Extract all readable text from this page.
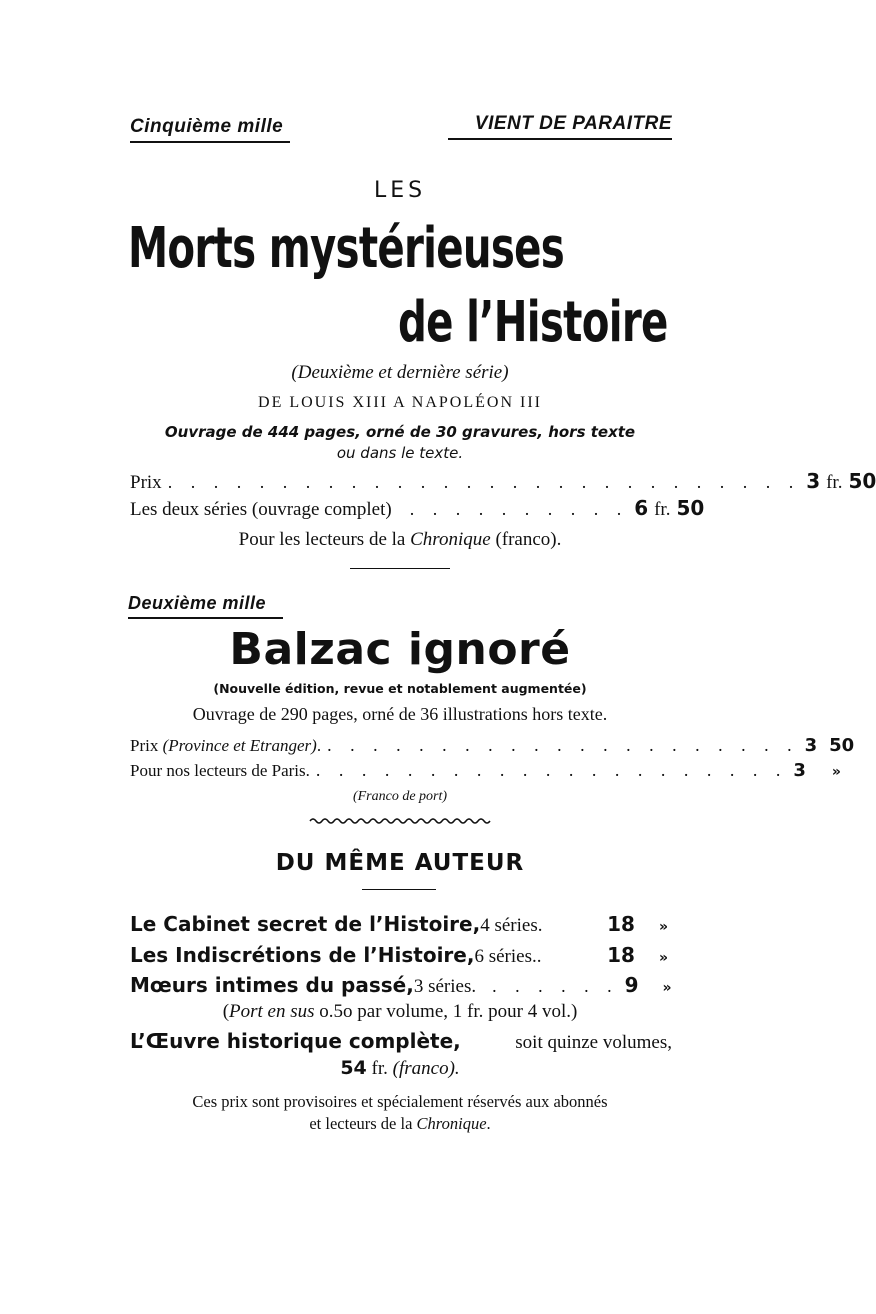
Cinquième mille	VIENT DE PARAITRE
LES
Morts mystérieuses
de l’Histoire
(Deuxième et dernière série)
DE LOUIS XIII A NAPOLÉON III
Ouvrage de 444 pages, orné de 30 gravures, hors texte
ou dans le texte.
Prix . . . . . . . . . . . . . . . . . . . . . . . . . . . . 3 fr. 50
Les deux séries (ouvrage complet)	. . . . . . . . . . 6 fr. 50
Pour les lecteurs de la Chronique (franco).
Deuxième mille
Balzac ignoré
(Nouvelle édition, revue et notablement augmentée)
Ouvrage de 290 pages, orné de 36 illustrations hors texte.
Prix (Province et Etranger). . . . . . . . . . . . . . . . . . . . . . 3 50
Pour nos lecteurs de Paris. . . . . . . . . . . . . . . . . . . . . . 3	»
(Franco de port)
DU MÊME AUTEUR
Le Cabinet secret de l’Histoire, 4 séries.	18	»
Les Indiscrétions de l’Histoire, 6 séries..	18	»
Mœurs intimes du passé, 3 séries. . . . . . . 9	»
(Port en sus o.5o par volume, 1 fr. pour 4 vol.)
L’Œuvre historique complète,	soit quinze volumes,
54 fr. (franco).
Ces prix sont provisoires et spécialement réservés aux abonnés
et lecteurs de la Chronique.
